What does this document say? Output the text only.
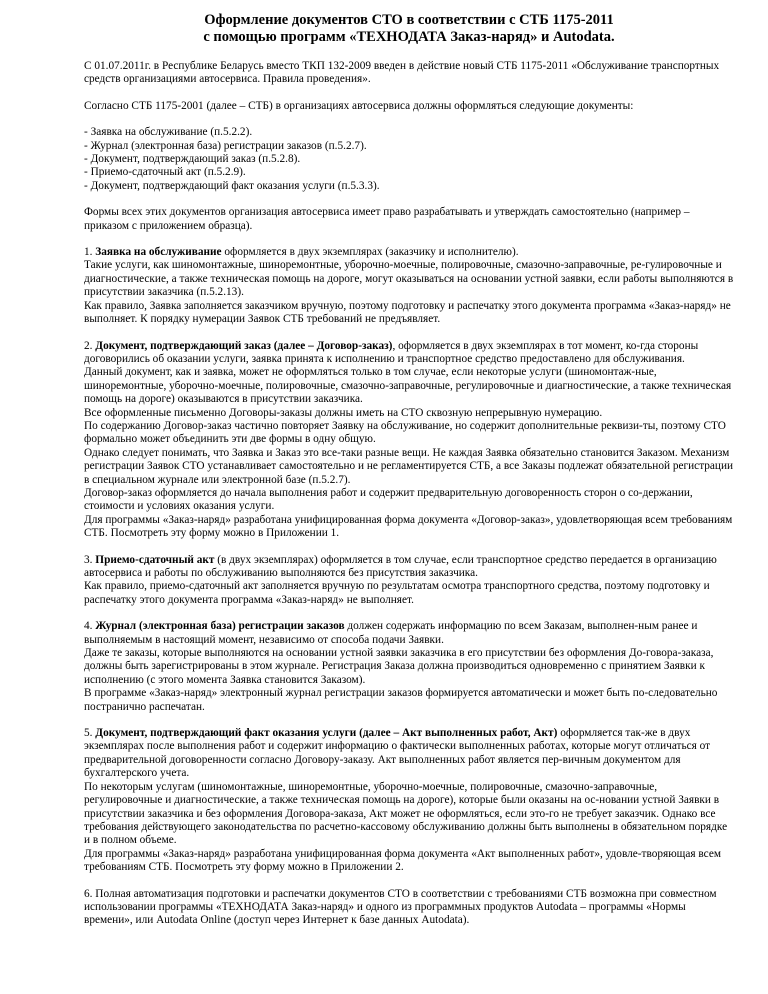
Оформление документов СТО в соответствии с СТБ 1175-2011
с помощью программ «ТЕХНОДАТА Заказ-наряд» и Autodata.

С 01.07.2011г. в Республике Беларусь вместо ТКП 132-2009 введен в действие новый СТБ 1175-2011 «Обслуживание транспортных средств организациями автосервиса. Правила проведения».

Согласно СТБ 1175-2001 (далее – СТБ) в организациях автосервиса должны оформляться следующие документы:

- Заявка на обслуживание (п.5.2.2).

- Журнал (электронная база) регистрации заказов (п.5.2.7).

- Документ, подтверждающий заказ (п.5.2.8).

- Приемо-сдаточный акт (п.5.2.9).

- Документ, подтверждающий факт оказания услуги (п.5.3.3).

Формы всех этих документов организация автосервиса имеет право разрабатывать и утверждать самостоятельно (например – приказом с приложением образца).

1. Заявка на обслуживание оформляется в двух экземплярах (заказчику и исполнителю).

Такие услуги, как шиномонтажные, шиноремонтные, уборочно-моечные, полировочные, смазочно-заправочные, ре-гулировочные и диагностические, а также техническая помощь на дороге, могут оказываться на основании устной заявки, если работы выполняются в присутствии заказчика (п.5.2.13).

Как правило, Заявка заполняется заказчиком вручную, поэтому подготовку и распечатку этого документа программа «Заказ-наряд» не выполняет. К порядку нумерации Заявок СТБ требований не предъявляет.

2. Документ, подтверждающий заказ (далее – Договор-заказ), оформляется в двух экземплярах в тот момент, ко-гда стороны договорились об оказании услуги, заявка принята к исполнению и транспортное средство предоставлено для обслуживания.

Данный документ, как и заявка, может не оформляться только в том случае, если некоторые услуги (шиномонтаж-ные, шиноремонтные, уборочно-моечные, полировочные, смазочно-заправочные, регулировочные и диагностические, а также техническая помощь на дороге) оказываются в присутствии заказчика.

Все оформленные письменно Договоры-заказы должны иметь на СТО сквозную непрерывную нумерацию.

По содержанию Договор-заказ частично повторяет Заявку на обслуживание, но содержит дополнительные реквизи-ты, поэтому СТО формально может объединить эти две формы в одну общую.

Однако следует понимать, что Заявка и Заказ это все-таки разные вещи. Не каждая Заявка обязательно становится Заказом. Механизм регистрации Заявок СТО устанавливает самостоятельно и не регламентируется СТБ, а все Заказы подлежат обязательной регистрации в специальном журнале или электронной базе (п.5.2.7).

Договор-заказ оформляется до начала выполнения работ и содержит предварительную договоренность сторон о со-держании, стоимости и условиях оказания услуги.

Для программы «Заказ-наряд» разработана унифицированная форма документа «Договор-заказ», удовлетворяющая всем требованиям СТБ. Посмотреть эту форму можно в Приложении 1.

3. Приемо-сдаточный акт (в двух экземплярах) оформляется в том случае, если транспортное средство передается в организацию автосервиса и работы по обслуживанию выполняются без присутствия заказчика.

Как правило, приемо-сдаточный акт заполняется вручную по результатам осмотра транспортного средства, поэтому подготовку и распечатку этого документа программа «Заказ-наряд» не выполняет.

4. Журнал (электронная база) регистрации заказов должен содержать информацию по всем Заказам, выполнен-ным ранее и выполняемым в настоящий момент, независимо от способа подачи Заявки.

Даже те заказы, которые выполняются на основании устной заявки заказчика в его присутствии без оформления До-говора-заказа, должны быть зарегистрированы в этом журнале. Регистрация Заказа должна производиться одновременно с принятием Заявки к исполнению (с этого момента Заявка становится Заказом).

В программе «Заказ-наряд» электронный журнал регистрации заказов формируется автоматически и может быть по-следовательно постранично распечатан.

5. Документ, подтверждающий факт оказания услуги (далее – Акт выполненных работ, Акт) оформляется так-же в двух экземплярах после выполнения работ и содержит информацию о фактически выполненных работах, которые могут отличаться от предварительной договоренности согласно Договору-заказу. Акт выполненных работ является пер-вичным документом для бухгалтерского учета.

По некоторым услугам (шиномонтажные, шиноремонтные, уборочно-моечные, полировочные, смазочно-заправочные, регулировочные и диагностические, а также техническая помощь на дороге), которые были оказаны на ос-новании устной Заявки в присутствии заказчика и без оформления Договора-заказа, Акт может не оформляться, если это-го не требует заказчик. Однако все требования действующего законодательства по расчетно-кассовому обслуживанию должны быть выполнены в обязательном порядке и в полном объеме.

Для программы «Заказ-наряд» разработана унифицированная форма документа «Акт выполненных работ», удовле-творяющая всем требованиям СТБ. Посмотреть эту форму можно в Приложении 2.

6. Полная автоматизация подготовки и распечатки документов СТО в соответствии с требованиями СТБ возможна при совместном использовании программы «ТЕХНОДАТА Заказ-наряд» и одного из программных продуктов Autodata – программы «Нормы времени», или Autodata Online (доступ через Интернет к базе данных Autodata).
